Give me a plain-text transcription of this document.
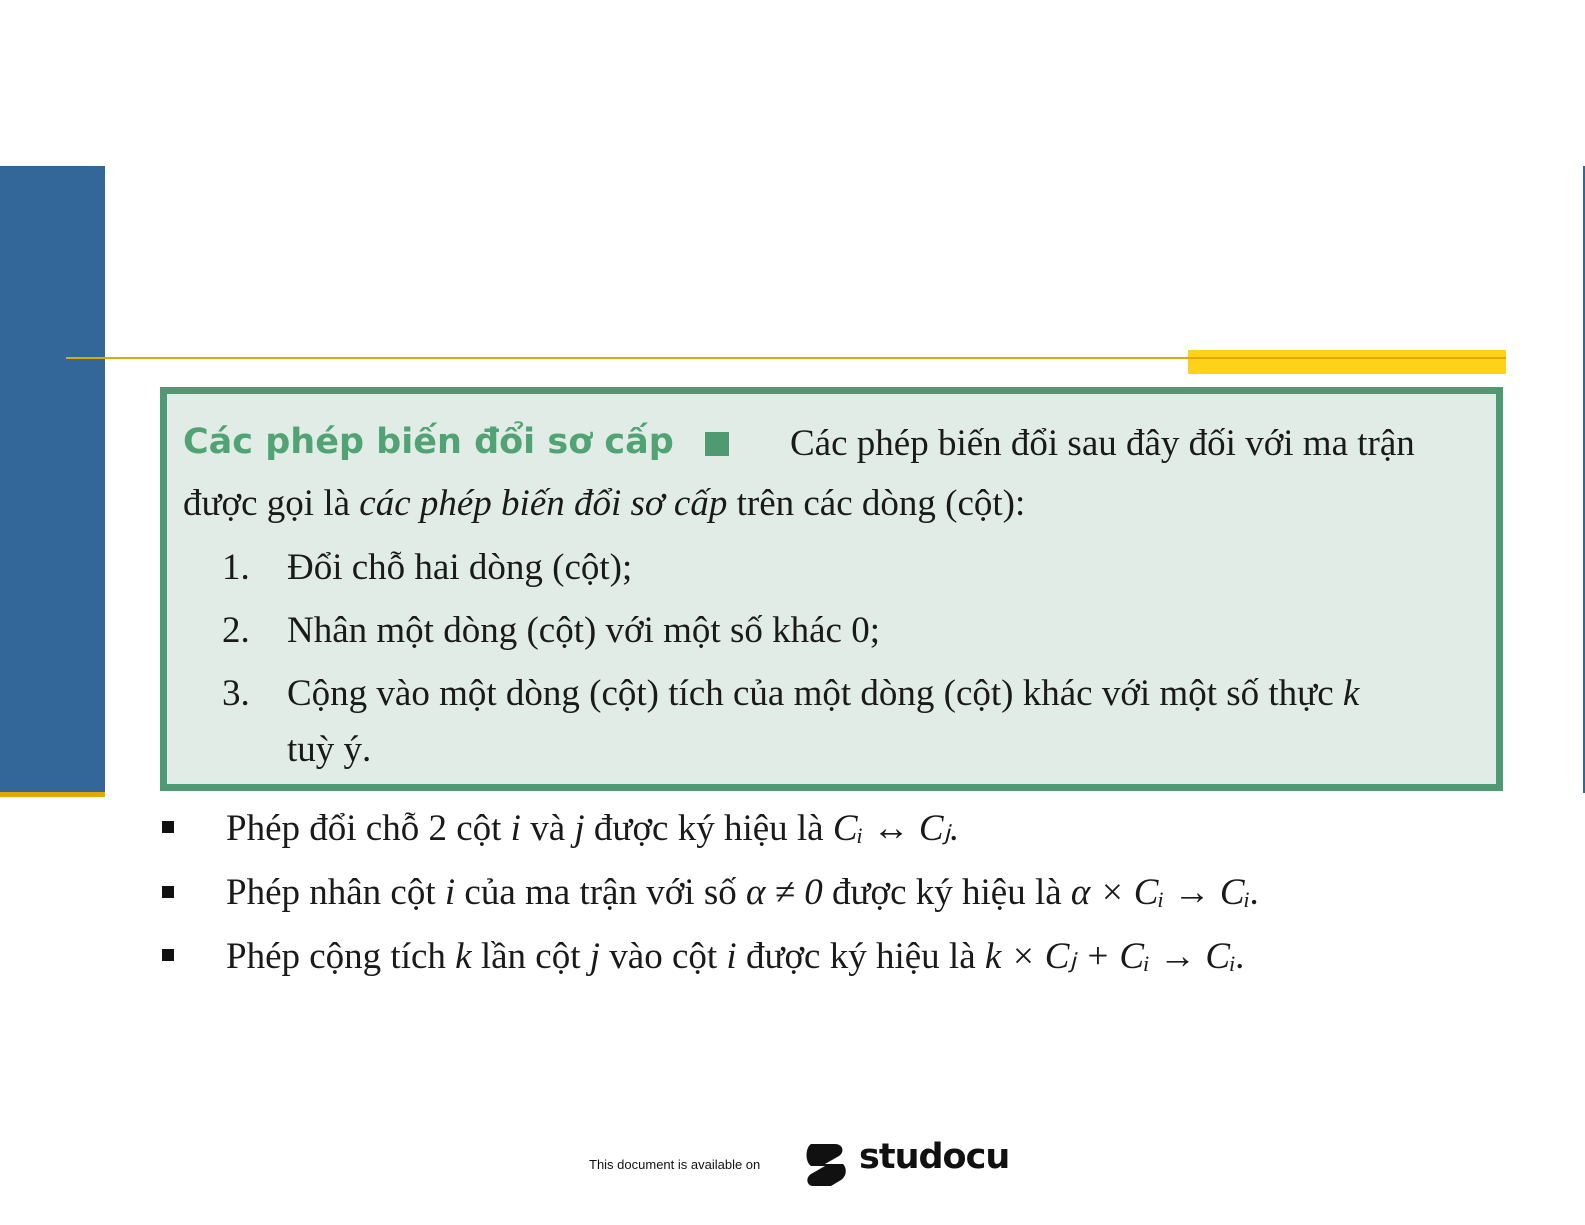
Các phép biến đổi sơ cấp	Các phép biến đổi sau đây đối với ma trận
được gọi là các phép biến đổi sơ cấp trên các dòng (cột):
1. Đổi chỗ hai dòng (cột);
2. Nhân một dòng (cột) với một số khác 0;
3. Cộng vào một dòng (cột) tích của một dòng (cột) khác với một số thực k
tuỳ ý.
Phép đổi chỗ 2 cột i và j được ký hiệu là Cᵢ ↔ Cⱼ.
Phép nhân cột i của ma trận với số α ≠ 0 được ký hiệu là α × Cᵢ → Cᵢ.
Phép cộng tích k lần cột j vào cột i được ký hiệu là k × Cⱼ + Cᵢ → Cᵢ.
This document is available on	studocu
